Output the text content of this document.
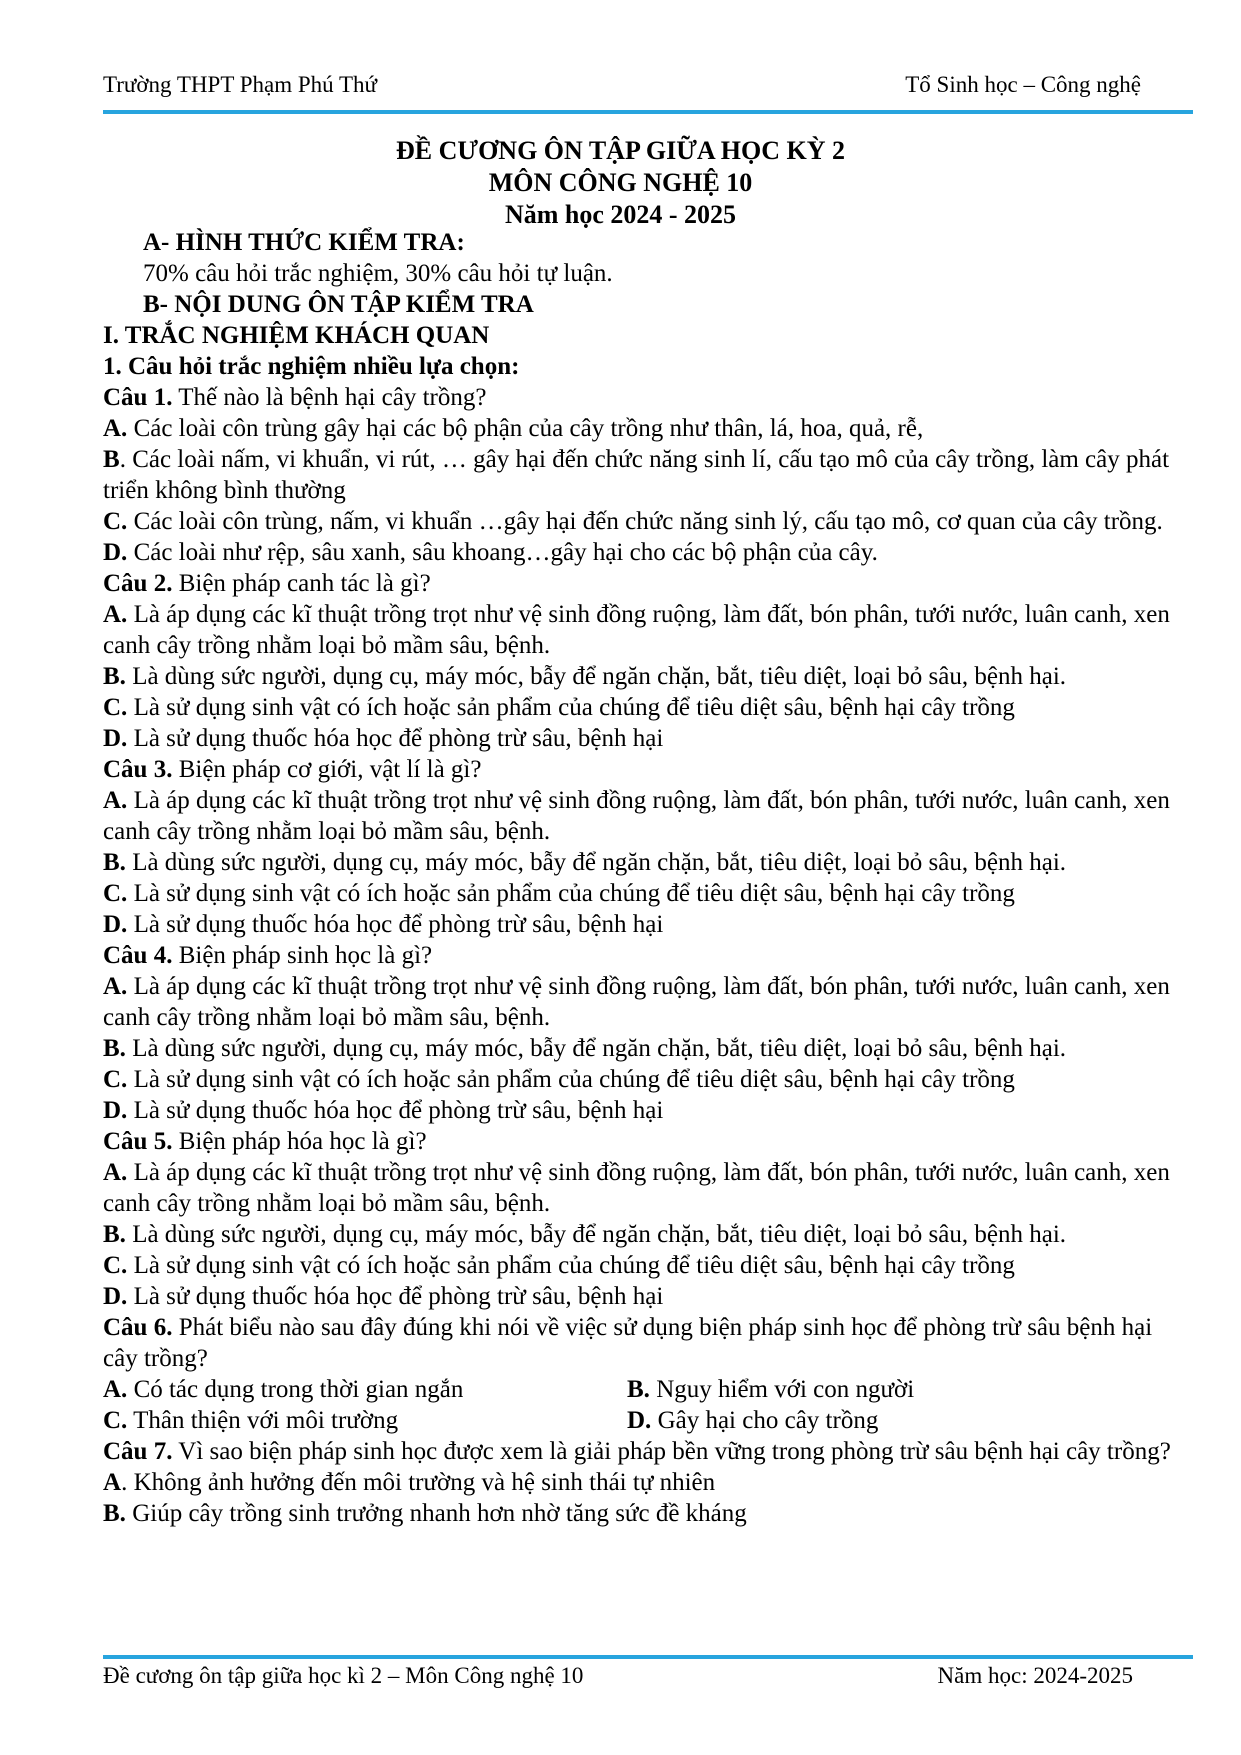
Trường THPT Phạm Phú Thứ	Tổ Sinh học – Công nghệ
ĐỀ CƯƠNG ÔN TẬP GIỮA HỌC KỲ 2
MÔN CÔNG NGHỆ 10
Năm học 2024 - 2025

A- HÌNH THỨC KIỂM TRA:

70% câu hỏi trắc nghiệm, 30% câu hỏi tự luận.

B- NỘI DUNG ÔN TẬP KIỂM TRA

I. TRẮC NGHIỆM KHÁCH QUAN

1. Câu hỏi trắc nghiệm nhiều lựa chọn:

Câu 1. Thế nào là bệnh hại cây trồng?

A. Các loài côn trùng gây hại các bộ phận của cây trồng như thân, lá, hoa, quả, rễ,

B. Các loài nấm, vi khuẩn, vi rút, … gây hại đến chức năng sinh lí, cấu tạo mô của cây trồng, làm cây phát triển không bình thường

C. Các loài côn trùng, nấm, vi khuẩn …gây hại đến chức năng sinh lý, cấu tạo mô, cơ quan của cây trồng.

D. Các loài như rệp, sâu xanh, sâu khoang…gây hại cho các bộ phận của cây.

Câu 2. Biện pháp canh tác là gì?

A. Là áp dụng các kĩ thuật trồng trọt như vệ sinh đồng ruộng, làm đất, bón phân, tưới nước, luân canh, xen canh cây trồng nhằm loại bỏ mầm sâu, bệnh.

B. Là dùng sức người, dụng cụ, máy móc, bẫy để ngăn chặn, bắt, tiêu diệt, loại bỏ sâu, bệnh hại.

C. Là sử dụng sinh vật có ích hoặc sản phẩm của chúng để tiêu diệt sâu, bệnh hại cây trồng

D. Là sử dụng thuốc hóa học để phòng trừ sâu, bệnh hại

Câu 3. Biện pháp cơ giới, vật lí là gì?

A. Là áp dụng các kĩ thuật trồng trọt như vệ sinh đồng ruộng, làm đất, bón phân, tưới nước, luân canh, xen canh cây trồng nhằm loại bỏ mầm sâu, bệnh.

B. Là dùng sức người, dụng cụ, máy móc, bẫy để ngăn chặn, bắt, tiêu diệt, loại bỏ sâu, bệnh hại.

C. Là sử dụng sinh vật có ích hoặc sản phẩm của chúng để tiêu diệt sâu, bệnh hại cây trồng

D. Là sử dụng thuốc hóa học để phòng trừ sâu, bệnh hại

Câu 4. Biện pháp sinh học là gì?

A. Là áp dụng các kĩ thuật trồng trọt như vệ sinh đồng ruộng, làm đất, bón phân, tưới nước, luân canh, xen canh cây trồng nhằm loại bỏ mầm sâu, bệnh.

B. Là dùng sức người, dụng cụ, máy móc, bẫy để ngăn chặn, bắt, tiêu diệt, loại bỏ sâu, bệnh hại.

C. Là sử dụng sinh vật có ích hoặc sản phẩm của chúng để tiêu diệt sâu, bệnh hại cây trồng

D. Là sử dụng thuốc hóa học để phòng trừ sâu, bệnh hại

Câu 5. Biện pháp hóa học là gì?

A. Là áp dụng các kĩ thuật trồng trọt như vệ sinh đồng ruộng, làm đất, bón phân, tưới nước, luân canh, xen canh cây trồng nhằm loại bỏ mầm sâu, bệnh.

B. Là dùng sức người, dụng cụ, máy móc, bẫy để ngăn chặn, bắt, tiêu diệt, loại bỏ sâu, bệnh hại.

C. Là sử dụng sinh vật có ích hoặc sản phẩm của chúng để tiêu diệt sâu, bệnh hại cây trồng

D. Là sử dụng thuốc hóa học để phòng trừ sâu, bệnh hại

Câu 6. Phát biểu nào sau đây đúng khi nói về việc sử dụng biện pháp sinh học để phòng trừ sâu bệnh hại cây trồng?

A. Có tác dụng trong thời gian ngắn	B. Nguy hiểm với con người

C. Thân thiện với môi trường	D. Gây hại cho cây trồng

Câu 7. Vì sao biện pháp sinh học được xem là giải pháp bền vững trong phòng trừ sâu bệnh hại cây trồng?

A. Không ảnh hưởng đến môi trường và hệ sinh thái tự nhiên

B. Giúp cây trồng sinh trưởng nhanh hơn nhờ tăng sức đề kháng

Đề cương ôn tập giữa học kì 2 – Môn Công nghệ 10	Năm học: 2024-2025
